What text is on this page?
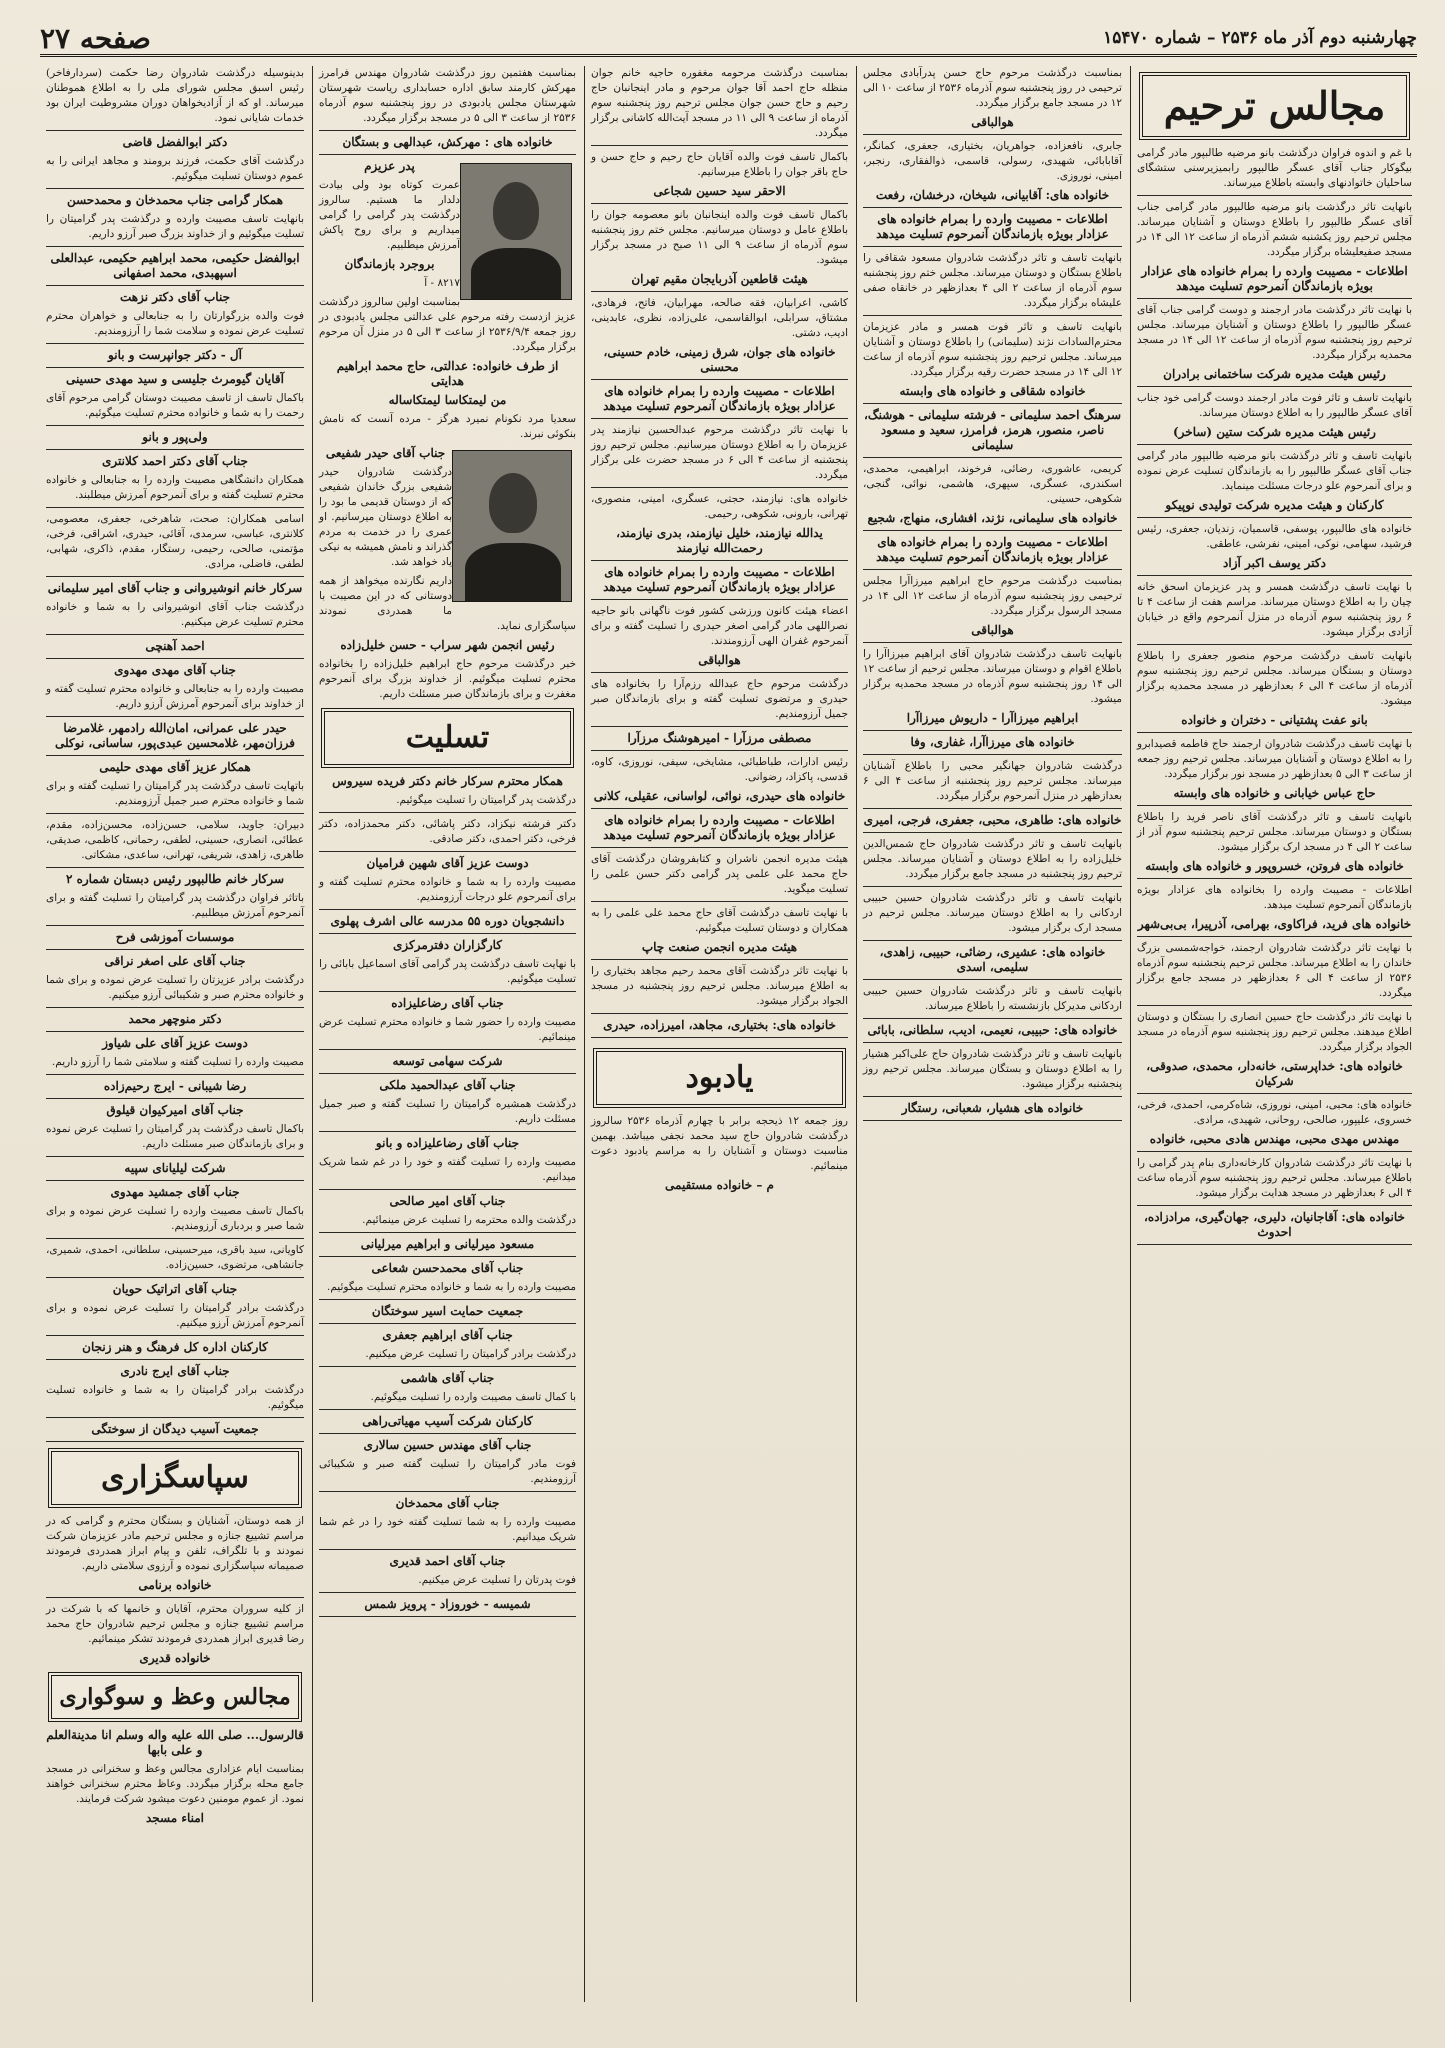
چهارشنبه دوم آذر ماه ۲۵۳۶ – شماره ۱۵۴۷۰
صفحه ۲۷
مجالس ترحیم

با غم و اندوه فراوان درگذشت بانو مرضیه طالبپور مادر گرامی بیگوکار جناب آقای عسگر طالبپور رابمیزیرسنی ستشگای ساحلیان خاتوادنهای وابسته باطلاع میرساند.

بانهایت تاثر درگذشت بانو مرضیه طالبپور مادر گرامی جناب آقای عسگر طالبپور را باطلاع دوستان و آشنایان میرساند. مجلس ترحیم روز یکشنبه ششم آذرماه از ساعت ۱۲ الی ۱۴ در مسجد صفیعلیشاه برگزار میگردد.

اطلاعات - مصیبت وارده را بمرام خانواده های عزادار بویژه بازماندگان آنمرحوم تسلیت میدهد

با نهایت تاثر درگذشت مادر ارجمند و دوست گرامی جناب آقای عسگر طالبپور را باطلاع دوستان و آشنایان میرساند. مجلس ترحیم روز پنجشنبه سوم آذرماه از ساعت ۱۲ الی ۱۴ در مسجد محمدیه برگزار میگردد.

رئیس هیئت مدیره شرکت ساختمانی برادران

بانهایت تاسف و تاثر فوت مادر ارجمند دوست گرامی خود جناب آقای عسگر طالبپور را به اطلاع دوستان میرساند.

رئیس هیئت مدیره شرکت ستین (ساخر)

بانهایت تاسف و تاثر درگذشت بانو مرضیه طالبپور مادر گرامی جناب آقای عسگر طالبپور را به بازماندگان تسلیت عرض نموده و برای آنمرحوم علو درجات مسئلت مینماید.

کارکنان و هیئت مدیره شرکت تولیدی نوپیکو

خانواده های طالبپور، یوسفی، قاسمیان، زندیان، جعفری، رئیس فرشید، سهامی، نوکی، امینی، نفرشی، عاطقی.

دکتر یوسف اکبر آزاد

با نهایت تاسف درگذشت همسر و پدر عزیزمان اسحق خانه چیان را به اطلاع دوستان میرساند. مراسم هفت از ساعت ۴ تا ۶ روز پنجشنبه سوم آذرماه در منزل آنمرحوم واقع در خیابان آزادی برگزار میشود.

بانهایت تاسف درگذشت مرحوم منصور جعفری را باطلاع دوستان و بستگان میرساند. مجلس ترحیم روز پنجشنبه سوم آذرماه از ساعت ۴ الی ۶ بعدازظهر در مسجد محمدیه برگزار میشود.

بانو عفت پشتیانی - دختران و خانواده

با نهایت تاسف درگذشت شادروان ارجمند حاج فاطمه قصیدابرو را به اطلاع دوستان و آشنایان میرساند. مجلس ترحیم روز جمعه از ساعت ۳ الی ۵ بعدازظهر در مسجد نور برگزار میگردد.

حاج عباس خیابانی و خانواده های وابسته

بانهایت تاسف و تاثر درگذشت آقای ناصر فرید را باطلاع بستگان و دوستان میرساند. مجلس ترحیم پنجشنبه سوم آذر از ساعت ۲ الی ۴ در مسجد ارک برگزار میشود.

خانواده های فروتن، خسروپور و خانواده های وابسته

اطلاعات - مصیبت وارده را بخانواده های عزادار بویژه بازماندگان آنمرحوم تسلیت میدهد.

خانواده های فرید، فراکاوی، بهرامی، آذرپیرا، بی‌بی‌شهر

با نهایت تاثر درگذشت شادروان ارجمند، خواجه‌شمسی بزرگ خاندان را به اطلاع میرساند. مجلس ترحیم پنجشنبه سوم آذرماه ۲۵۳۶ از ساعت ۴ الی ۶ بعدازظهر در مسجد جامع برگزار میگردد.

با نهایت تاثر درگذشت حاج حسین انصاری را بستگان و دوستان اطلاع میدهند. مجلس ترحیم روز پنجشنبه سوم آذرماه در مسجد الجواد برگزار میگردد.

خانواده های: خداپرستی، خانه‌دار، محمدی، صدوقی، شرکیان

خانواده های: محبی، امینی، نوروزی، شاه‌کرمی، احمدی، فرخی، خسروی، علیپور، صالحی، روحانی، شهیدی، مرادی.

مهندس مهدی محبی، مهندس هادی محبی، خانواده

با نهایت تاثر درگذشت شادروان کارخانه‌داری بنام پدر گرامی را باطلاع میرساند. مجلس ترحیم روز پنجشنبه سوم آذرماه ساعت ۴ الی ۶ بعدازظهر در مسجد هدایت برگزار میشود.

خانواده های: آقاجانیان، دلیری، جهان‌گیری، مرادزاده، احدوث

بمناسبت درگذشت مرحوم حاج حسن پدرآبادی مجلس ترحیمی در روز پنجشنبه سوم آذرماه ۲۵۳۶ از ساعت ۱۰ الی ۱۲ در مسجد جامع برگزار میگردد.

هوالباقی

جابری، نافعزاده، جواهریان، بختیاری، جعفری، کمانگر، آقابابائی، شهیدی، رسولی، قاسمی، ذوالفقاری، رنجبر، امینی، نوروزی.

خانواده های: آقابیانی، شیخان، درخشان، رفعت

اطلاعات - مصیبت وارده را بمرام خانواده های عزادار بویژه بازماندگان آنمرحوم تسلیت میدهد

بانهایت تاسف و تاثر درگذشت شادروان مسعود شقاقی را باطلاع بستگان و دوستان میرساند. مجلس ختم روز پنجشنبه سوم آذرماه از ساعت ۲ الی ۴ بعدازظهر در خانقاه صفی علیشاه برگزار میگردد.

بانهایت تاسف و تاثر فوت همسر و مادر عزیزمان محترم‌السادات نژند (سلیمانی) را باطلاع دوستان و آشنایان میرساند. مجلس ترحیم روز پنجشنبه سوم آذرماه از ساعت ۱۲ الی ۱۴ در مسجد حضرت رقیه برگزار میگردد.

خانواده شقاقی و خانواده های وابسته

سرهنگ احمد سلیمانی - فرشته سلیمانی - هوشنگ، ناصر، منصور، هرمز، فرامرز، سعید و مسعود سلیمانی

کریمی، عاشوری، رضائی، فرخوند، ابراهیمی، محمدی، اسکندری، عسگری، سپهری، هاشمی، نوائی، گنجی، شکوهی، حسینی.

خانواده های سلیمانی، نژند، افشاری، منهاج، شجیع

اطلاعات - مصیبت وارده را بمرام خانواده های عزادار بویژه بازماندگان آنمرحوم تسلیت میدهد

بمناسبت درگذشت مرحوم حاج ابراهیم میرزاآرا مجلس ترحیمی روز پنجشنبه سوم آذرماه از ساعت ۱۲ الی ۱۴ در مسجد الرسول برگزار میگردد.

هوالباقی

بانهایت تاسف درگذشت شادروان آقای ابراهیم میرزاآرا را باطلاع اقوام و دوستان میرساند. مجلس ترحیم از ساعت ۱۲ الی ۱۴ روز پنجشنبه سوم آذرماه در مسجد محمدیه برگزار میشود.

ابراهیم میرزاآرا - داریوش میرزاآرا

خانواده های میرزاآرا، غفاری، وفا

درگذشت شادروان جهانگیر محبی را باطلاع آشنایان میرساند. مجلس ترحیم روز پنجشنبه از ساعت ۴ الی ۶ بعدازظهر در منزل آنمرحوم برگزار میگردد.

خانواده های: طاهری، محبی، جعفری، فرجی، امیری

بانهایت تاسف و تاثر درگذشت شادروان حاج شمس‌الدین خلیل‌زاده را به اطلاع دوستان و آشنایان میرساند. مجلس ترحیم روز پنجشنبه در مسجد جامع برگزار میگردد.

بانهایت تاسف و تاثر درگذشت شادروان حسین حبیبی اردکانی را به اطلاع دوستان میرساند. مجلس ترحیم در مسجد ارک برگزار میشود.

خانواده های: عشیری، رضائی، حبیبی، زاهدی، سلیمی، اسدی

بانهایت تاسف و تاثر درگذشت شادروان حسین حبیبی اردکانی مدیرکل بازنشسته را باطلاع میرساند.

خانواده های: حبیبی، نعیمی، ادیب، سلطانی، بابائی

بانهایت تاسف و تاثر درگذشت شادروان حاج علی‌اکبر هشیار را به اطلاع دوستان و بستگان میرساند. مجلس ترحیم روز پنجشنبه برگزار میشود.

خانواده های هشیار، شعبانی، رستگار

بمناسبت درگذشت مرحومه مغفوره حاجیه خانم جوان منظله حاج احمد آقا جوان مرحوم و مادر اینجانبان حاج رحیم و حاج حسن جوان مجلس ترحیم روز پنجشنبه سوم آذرماه از ساعت ۹ الی ۱۱ در مسجد آیت‌الله کاشانی برگزار میگردد.

باکمال تاسف فوت والده آقایان حاج رحیم و حاج حسن و حاج باقر جوان را باطلاع میرسانیم.

الاحقر سید حسین شجاعی

باکمال تاسف فوت والده اینجانبان بانو معصومه جوان را باطلاع عامل و دوستان میرسانیم. مجلس ختم روز پنجشنبه سوم آذرماه از ساعت ۹ الی ۱۱ صبح در مسجد برگزار میشود.

هیئت قاطعین آذربایجان مقیم تهران

کاشی، اعرابیان، فقه صالحه، مهرابیان، فاتح، فرهادی، مشتاق، سرابلی، ابوالقاسمی، علی‌زاده، نظری، عابدینی، ادیب، دشتی.

خانواده های جوان، شرق زمینی، خادم حسینی، محسنی

اطلاعات - مصیبت وارده را بمرام خانواده های عزادار بویژه بازماندگان آنمرحوم تسلیت میدهد

با نهایت تاثر درگذشت مرحوم عبدالحسین نیازمند پدر عزیزمان را به اطلاع دوستان میرسانیم. مجلس ترحیم روز پنجشنبه از ساعت ۴ الی ۶ در مسجد حضرت علی برگزار میگردد.

خانواده های: نیازمند، حجتی، عسگری، امینی، منصوری، تهرانی، بارونی، شکوهی، رحیمی.

یدالله نیازمند، خلیل نیازمند، بدری نیازمند، رحمت‌الله نیازمند

اطلاعات - مصیبت وارده را بمرام خانواده های عزادار بویژه بازماندگان آنمرحوم تسلیت میدهد

اعضاء هیئت کانون ورزشی کشور فوت ناگهانی بانو حاجیه نصراللهی مادر گرامی اصغر حیدری را تسلیت گفته و برای آنمرحوم غفران الهی آرزومندند.

هوالباقی

درگذشت مرحوم حاج عبدالله رزم‌آرا را بخانواده های حیدری و مرتضوی تسلیت گفته و برای بازماندگان صبر جمیل آرزومندیم.

مصطفی مرزآرا - امیرهوشنگ مرزآرا

رئیس ادارات، طباطبائی، مشایخی، سیفی، نوروزی، کاوه، قدسی، پاکزاد، رضوانی.

خانواده های حیدری، نوائی، لواسانی، عقیلی، کلانی

اطلاعات - مصیبت وارده را بمرام خانواده های عزادار بویژه بازماندگان آنمرحوم تسلیت میدهد

هیئت مدیره انجمن ناشران و کتابفروشان درگذشت آقای حاج محمد علی علمی پدر گرامی دکتر حسن علمی را تسلیت میگوید.

با نهایت تاسف درگذشت آقای حاج محمد علی علمی را به همکاران و دوستان تسلیت میگوئیم.

هیئت مدیره انجمن صنعت چاپ

با نهایت تاثر درگذشت آقای محمد رحیم مجاهد بختیاری را به اطلاع میرساند. مجلس ترحیم روز پنجشنبه در مسجد الجواد برگزار میشود.

خانواده های: بختیاری، مجاهد، امیرزاده، حیدری

یادبود

روز جمعه ۱۲ ذیحجه برابر با چهارم آذرماه ۲۵۳۶ سالروز درگذشت شادروان حاج سید محمد نجفی میباشد. بهمین مناسبت دوستان و آشنایان را به مراسم یادبود دعوت مینمائیم.

م – خانواده مستقیمی

بمناسبت هفتمین روز درگذشت شادروان مهندس فرامرز مهرکش کارمند سابق اداره حسابداری ریاست شهرستان شهرستان مجلس یادبودی در روز پنجشنبه سوم آذرماه ۲۵۳۶ از ساعت ۳ الی ۵ در مسجد برگزار میگردد.

خانواده های : مهرکش، عبدالهی و بستگان

پدر عزیزم

عمرت کوتاه بود ولی بیادت دلدار ما هستیم. سالروز درگذشت پدر گرامی را گرامی میداریم و برای روح پاکش آمرزش میطلبیم.

بروجرد بازماندگان

۸۲۱۷ - آ

بمناسبت اولین سالروز درگذشت عزیز ازدست رفته مرحوم علی عدالتی مجلس یادبودی در روز جمعه ۲۵۳۶/۹/۴ از ساعت ۳ الی ۵ در منزل آن مرحوم برگزار میگردد.

از طرف خانواده: عدالتی، حاج محمد ابراهیم هدایتی

من لیمتکاسا لیمتکاساله

سعدیا مرد نکونام نمیرد هرگز - مرده آنست که نامش بنکوئی نبرند.

جناب آقای حیدر شفیعی

درگذشت شادروان حیدر شفیعی بزرگ خاندان شفیعی که از دوستان قدیمی ما بود را به اطلاع دوستان میرسانیم. او عمری را در خدمت به مردم گذراند و نامش همیشه به نیکی یاد خواهد شد.

داریم نگارنده میخواهد از همه دوستانی که در این مصیبت با ما همدردی نمودند سپاسگزاری نماید.

رئیس انجمن شهر سراب - حسن خلیل‌زاده

خبر درگذشت مرحوم حاج ابراهیم خلیل‌زاده را بخانواده محترم تسلیت میگوئیم. از خداوند بزرگ برای آنمرحوم مغفرت و برای بازماندگان صبر مسئلت داریم.

تسلیت

همکار محترم سرکار خانم دکتر فریده سیروس

درگذشت پدر گرامیتان را تسلیت میگوئیم.

دکتر فرشته نیکزاد، دکتر پاشائی، دکتر محمدزاده، دکتر فرخی، دکتر احمدی، دکتر صادقی.

دوست عزیز آقای شهین فرامیان

مصیبت وارده را به شما و خانواده محترم تسلیت گفته و برای آنمرحوم علو درجات آرزومندیم.

دانشجویان دوره ۵۵ مدرسه عالی اشرف پهلوی

کارگزاران دفترمرکزی

با نهایت تاسف درگذشت پدر گرامی آقای اسماعیل بابائی را تسلیت میگوئیم.

جناب آقای رضاعلیزاده

مصیبت وارده را حضور شما و خانواده محترم تسلیت عرض مینمائیم.

شرکت سهامی توسعه

جناب آقای عبدالحمید ملکی

درگذشت همشیره گرامیتان را تسلیت گفته و صبر جمیل مسئلت داریم.

جناب آقای رضاعلیزاده و بانو

مصیبت وارده را تسلیت گفته و خود را در غم شما شریک میدانیم.

جناب آقای امیر صالحی

درگذشت والده محترمه را تسلیت عرض مینمائیم.

مسعود میرلیانی و ابراهیم میرلیانی

جناب آقای محمدحسن شعاعی

مصیبت وارده را به شما و خانواده محترم تسلیت میگوئیم.

جمعیت حمایت اسیر سوختگان

جناب آقای ابراهیم جعفری

درگذشت برادر گرامیتان را تسلیت عرض میکنیم.

جناب آقای هاشمی

با کمال تاسف مصیبت وارده را تسلیت میگوئیم.

کارکنان شرکت آسیب مهیاتی‌راهی

جناب آقای مهندس حسین سالاری

فوت مادر گرامیتان را تسلیت گفته صبر و شکیبائی آرزومندیم.

جناب آقای محمدخان

مصیبت وارده را به شما تسلیت گفته خود را در غم شما شریک میدانیم.

جناب آقای احمد قدیری

فوت پدرتان را تسلیت عرض میکنیم.

شمیسه - خوروزاد - پرویز شمس

بدینوسیله درگذشت شادروان رضا حکمت (سردارفاخر) رئیس اسبق مجلس شورای ملی را به اطلاع هموطنان میرساند. او که از آزادیخواهان دوران مشروطیت ایران بود خدمات شایانی نمود.

دکتر ابوالفضل قاضی

درگذشت آقای حکمت، فرزند برومند و مجاهد ایرانی را به عموم دوستان تسلیت میگوئیم.

همکار گرامی جناب محمدخان و محمدحسن

بانهایت تاسف مصیبت وارده و درگذشت پدر گرامیتان را تسلیت میگوئیم و از خداوند بزرگ صبر آرزو داریم.

ابوالفضل حکیمی، محمد ابراهیم حکیمی، عبدالعلی اسپهبدی، محمد اصفهانی

جناب آقای دکتر نزهت

فوت والده بزرگوارتان را به جنابعالی و خواهران محترم تسلیت عرض نموده و سلامت شما را آرزومندیم.

آل - دکتر جوانپرست و بانو

آقایان گیومرث جلیسی و سید مهدی حسینی

باکمال تاسف از تاسف مصیبت دوستان گرامی مرحوم آقای رحمت را به شما و خانواده محترم تسلیت میگوئیم.

ولی‌پور و بانو

جناب آقای دکتر احمد کلانتری

همکاران دانشگاهی مصیبت وارده را به جنابعالی و خانواده محترم تسلیت گفته و برای آنمرحوم آمرزش میطلبند.

اسامی همکاران: صحت، شاهرخی، جعفری، معصومی، کلانتری، عباسی، سرمدی، آقائی، حیدری، اشراقی، فرخی، مؤتمنی، صالحی، رحیمی، رستگار، مقدم، ذاکری، شهابی، لطفی، فاضلی، مرادی.

سرکار خانم انوشیروانی و جناب آقای امیر سلیمانی

درگذشت جناب آقای انوشیروانی را به شما و خانواده محترم تسلیت عرض میکنیم.

احمد آهنچی

جناب آقای مهدی مهدوی

مصیبت وارده را به جنابعالی و خانواده محترم تسلیت گفته و از خداوند برای آنمرحوم آمرزش آرزو داریم.

حیدر علی عمرانی، امان‌الله رادمهر، غلامرضا فرزان‌مهر، غلامحسین عبدی‌پور، ساسانی، نوکلی

همکار عزیز آقای مهدی حلیمی

باتهایت تاسف درگذشت پدر گرامیتان را تسلیت گفته و برای شما و خانواده محترم صبر جمیل آرزومندیم.

دبیران: جاوید، سلامی، حسن‌زاده، محسن‌زاده، مقدم، عطائی، انصاری، حسینی، لطفی، رحمانی، کاظمی، صدیقی، طاهری، زاهدی، شریفی، تهرانی، ساعدی، مشکاتی.

سرکار خانم طالبپور رئیس دبستان شماره ۲

باتاثر فراوان درگذشت پدر گرامیتان را تسلیت گفته و برای آنمرحوم آمرزش میطلبیم.

موسسات آموزشی فرح

جناب آقای علی اصغر نراقی

درگذشت برادر عزیزتان را تسلیت عرض نموده و برای شما و خانواده محترم صبر و شکیبائی آرزو میکنیم.

دکتر منوچهر محمد

دوست عزیز آقای علی شیاوز

مصیبت وارده را تسلیت گفته و سلامتی شما را آرزو داریم.

رضا شیبانی - ایرج رحیم‌زاده

جناب آقای امیرکیوان قیلوق

باکمال تاسف درگذشت پدر گرامیتان را تسلیت عرض نموده و برای بازماندگان صبر مسئلت داریم.

شرکت لیلیانای سپیه

جناب آقای جمشید مهدوی

باکمال تاسف مصیبت وارده را تسلیت عرض نموده و برای شما صبر و بردباری آرزومندیم.

کاویانی، سید باقری، میرحسینی، سلطانی، احمدی، شمیری، جانشاهی، مرتضوی، حسین‌زاده.

جناب آقای اتراتیک حویان

درگذشت برادر گرامیتان را تسلیت عرض نموده و برای آنمرحوم آمرزش آرزو میکنیم.

کارکنان اداره کل فرهنگ و هنر زنجان

جناب آقای ایرج نادری

درگذشت برادر گرامیتان را به شما و خانواده تسلیت میگوئیم.

جمعیت آسیب دیدگان از سوختگی

سپاسگزاری

از همه دوستان، آشنایان و بستگان محترم و گرامی که در مراسم تشییع جنازه و مجلس ترحیم مادر عزیزمان شرکت نمودند و با تلگراف، تلفن و پیام ابراز همدردی فرمودند صمیمانه سپاسگزاری نموده و آرزوی سلامتی داریم.

خانواده برنامی

از کلیه سروران محترم، آقایان و خانمها که با شرکت در مراسم تشییع جنازه و مجلس ترحیم شادروان حاج محمد رضا قدیری ابراز همدردی فرمودند تشکر مینمائیم.

خانواده قدیری

مجالس وعظ و سوگواری

قالرسول... صلی الله علیه واله وسلم انا مدینة‌العلم و علی بابها

بمناسبت ایام عزاداری مجالس وعظ و سخنرانی در مسجد جامع محله برگزار میگردد. وعاظ محترم سخنرانی خواهند نمود. از عموم مومنین دعوت میشود شرکت فرمایند.

امناء مسجد
